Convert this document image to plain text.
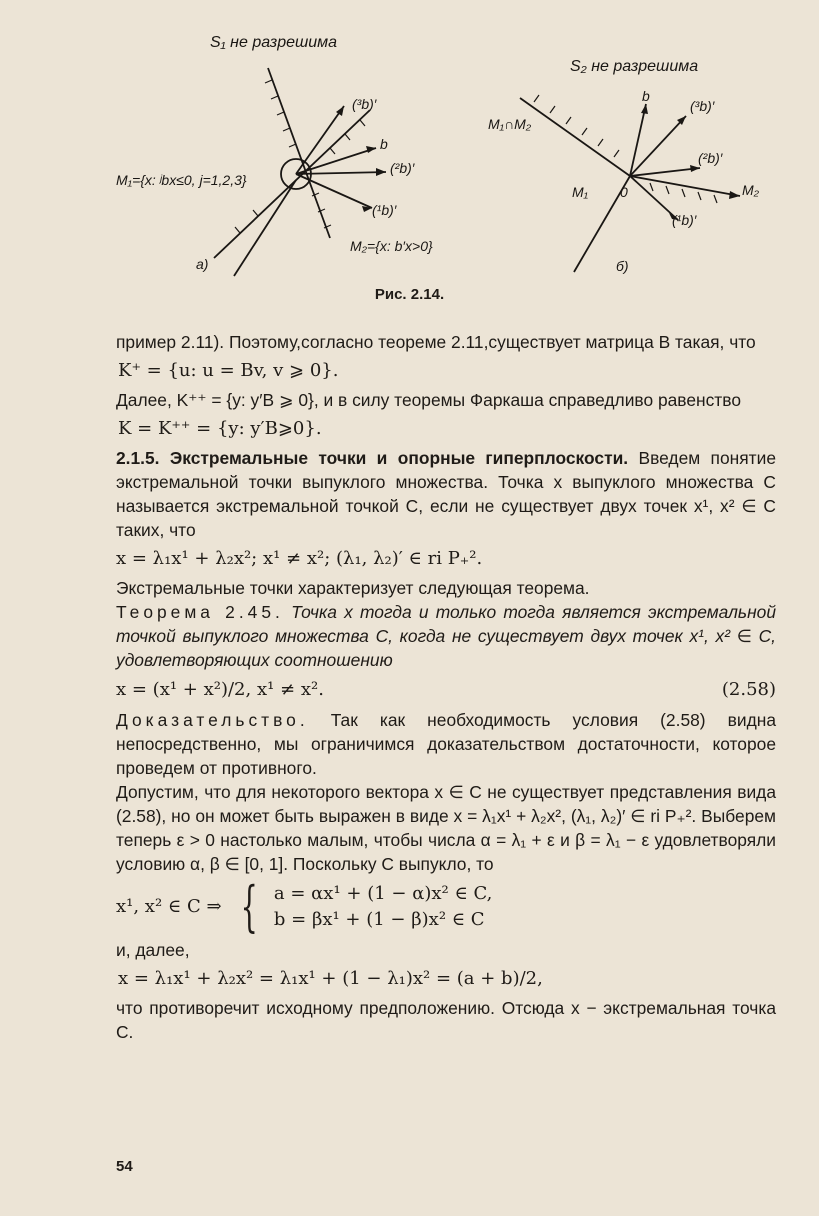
S₁ не разрешима
(³b)′
b
(²b)′
(¹b)′
M₁={x: ʲbx≤0, j=1,2,3}
M₂={x: b′x>0}
а)
S₂ не разрешима
M₁∩M₂
b
(³b)′
(²b)′
(¹b)′
M₁	M₂
0
б)
Рис. 2.14.

пример 2.11). Поэтому,согласно теореме 2.11,существует матрица B такая, что

K⁺ = {u: u = Bv, v ⩾ 0}.

Далее, K⁺⁺ = {y: y′B ⩾ 0}, и в силу теоремы Фаркаша справедливо равенство

K = K⁺⁺ = {y: y′B⩾0}.

2.1.5. Экстремальные точки и опорные гиперплоскости. Введем понятие экстремальной точки выпуклого множества. Точка x выпуклого множества C называется экстремальной точкой C, если не существует двух точек x¹, x² ∈ C таких, что

x = λ₁x¹ + λ₂x²; x¹ ≠ x²; (λ₁, λ₂)′ ∈ ri P₊².

Экстремальные точки характеризует следующая теорема.

Теорема 2.45. Точка x тогда и только тогда является экстремальной точкой выпуклого множества C, когда не существует двух точек x¹, x² ∈ C, удовлетворяющих соотношению

x = (x¹ + x²)/2, x¹ ≠ x².	(2.58)

Доказательство. Так как необходимость условия (2.58) видна непосредственно, мы ограничимся доказательством достаточности, которое проведем от противного.

Допустим, что для некоторого вектора x ∈ C не существует представления вида (2.58), но он может быть выражен в виде x = λ₁x¹ + λ₂x², (λ₁, λ₂)′ ∈ ri P₊². Выберем теперь ε > 0 настолько малым, чтобы числа α = λ₁ + ε и β = λ₁ − ε удовлетворяли условию α, β ∈ [0, 1]. Поскольку C выпукло, то

x¹, x² ∈ C ⇒ { a = αx¹ + (1 − α)x² ∈ C,
b = βx¹ + (1 − β)x² ∈ C

и, далее,

x = λ₁x¹ + λ₂x² = λ₁x¹ + (1 − λ₁)x² = (a + b)/2,

что противоречит исходному предположению. Отсюда x − экстремальная точка C.

54
